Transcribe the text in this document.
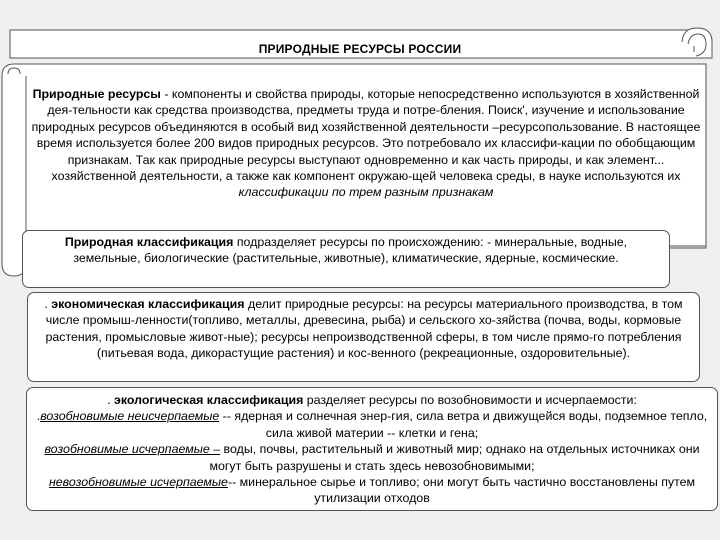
ПРИРОДНЫЕ РЕСУРСЫ РОССИИ
Природные ресурсы - компоненты и свойства природы, которые непосредственно используются в хозяйственной дея-тельности как средства производства, предметы труда и потре-бления. Поиск', изучение и использование природных ресурсов объединяются в особый вид хозяйственной деятельности –ресурсопользование. В настоящее время используется более 200 видов природных ресурсов. Это потребовало их классифи-кации по обобщающим признакам. Так как природные ресурсы выступают одновременно и как часть природы, и как элемент... хозяйственной деятельности, а также как компонент окружаю-щей человека среды, в науке используются их классификации по трем разным признакам
Природная классификация подразделяет ресурсы по происхождению: - минеральные, водные, земельные, биологические (растительные, животные), климатические, ядерные, космические.
. экономическая классификация делит природные ресурсы: на ресурсы материального производства, в том числе промыш-ленности(топливо, металлы, древесина, рыба) и сельского хо-зяйства (почва, воды, кормовые растения, промысловые живот-ные); ресурсы непроизводственной сферы, в том числе прямо-го потребления (питьевая вода, дикорастущие растения) и кос-венного (рекреационные, оздоровительные).
. экологическая классификация разделяет ресурсы по возобновимости и исчерпаемости:
.возобновимые неисчерпаемые -- ядерная и солнечная энер-гия, сила ветра и движущейся воды, подземное тепло, сила живой материи -- клетки и гена;
возобновимые исчерпаемые – воды, почвы, растительный и животный мир; однако на отдельных источниках они могут быть разрушены и стать здесь невозобновимыми;
невозобновимые исчерпаемые-- минеральное сырье и топливо; они могут быть частично восстановлены путем утилизации отходов
